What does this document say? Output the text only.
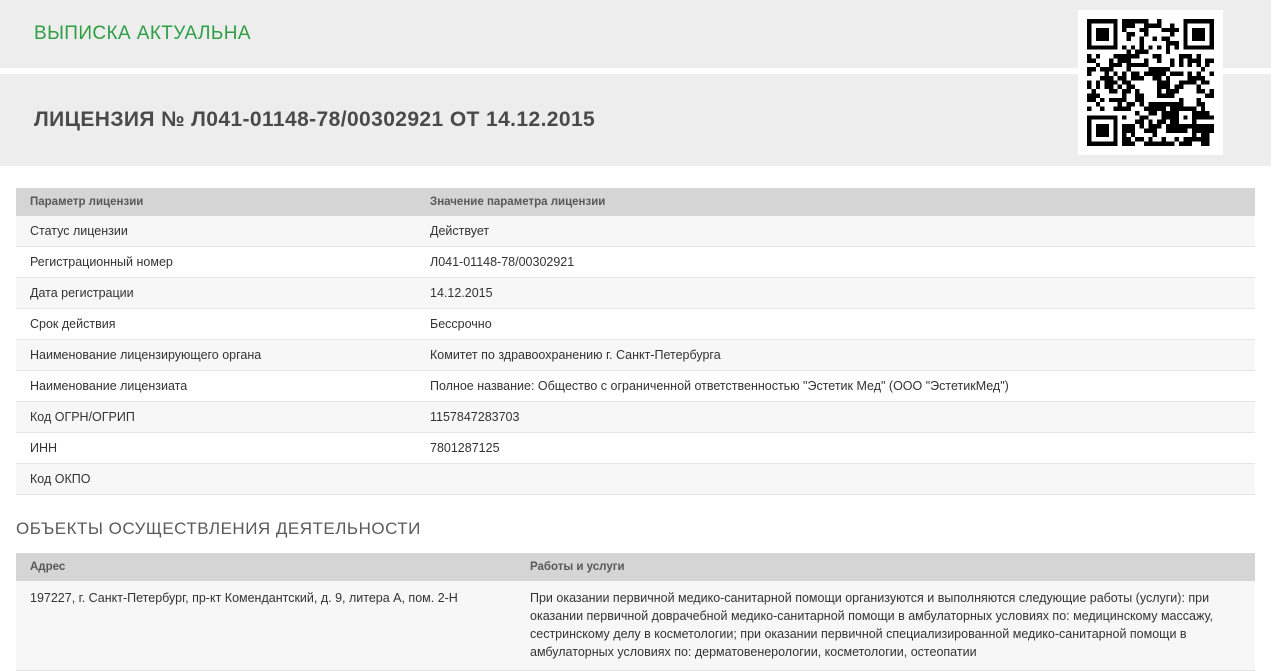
ВЫПИСКА АКТУАЛЬНА
ЛИЦЕНЗИЯ № Л041-01148-78/00302921 ОТ 14.12.2015
Параметр лицензии	Значение параметра лицензии
Статус лицензии	Действует
Регистрационный номер	Л041-01148-78/00302921
Дата регистрации	14.12.2015
Срок действия	Бессрочно
Наименование лицензирующего органа	Комитет по здравоохранению г. Санкт-Петербурга
Наименование лицензиата	Полное название: Общество с ограниченной ответственностью "Эстетик Мед" (ООО "ЭстетикМед")
Код ОГРН/ОГРИП	1157847283703
ИНН	7801287125
Код ОКПО	
ОБЪЕКТЫ ОСУЩЕСТВЛЕНИЯ ДЕЯТЕЛЬНОСТИ
Адрес	Работы и услуги
197227, г. Санкт-Петербург, пр-кт Комендантский, д. 9, литера А, пом. 2-Н	При оказании первичной медико-санитарной помощи организуются и выполняются следующие работы (услуги): при оказании первичной доврачебной медико-санитарной помощи в амбулаторных условиях по: медицинскому массажу, сестринскому делу в косметологии; при оказании первичной специализированной медико-санитарной помощи в амбулаторных условиях по: дерматовенерологии, косметологии, остеопатии
